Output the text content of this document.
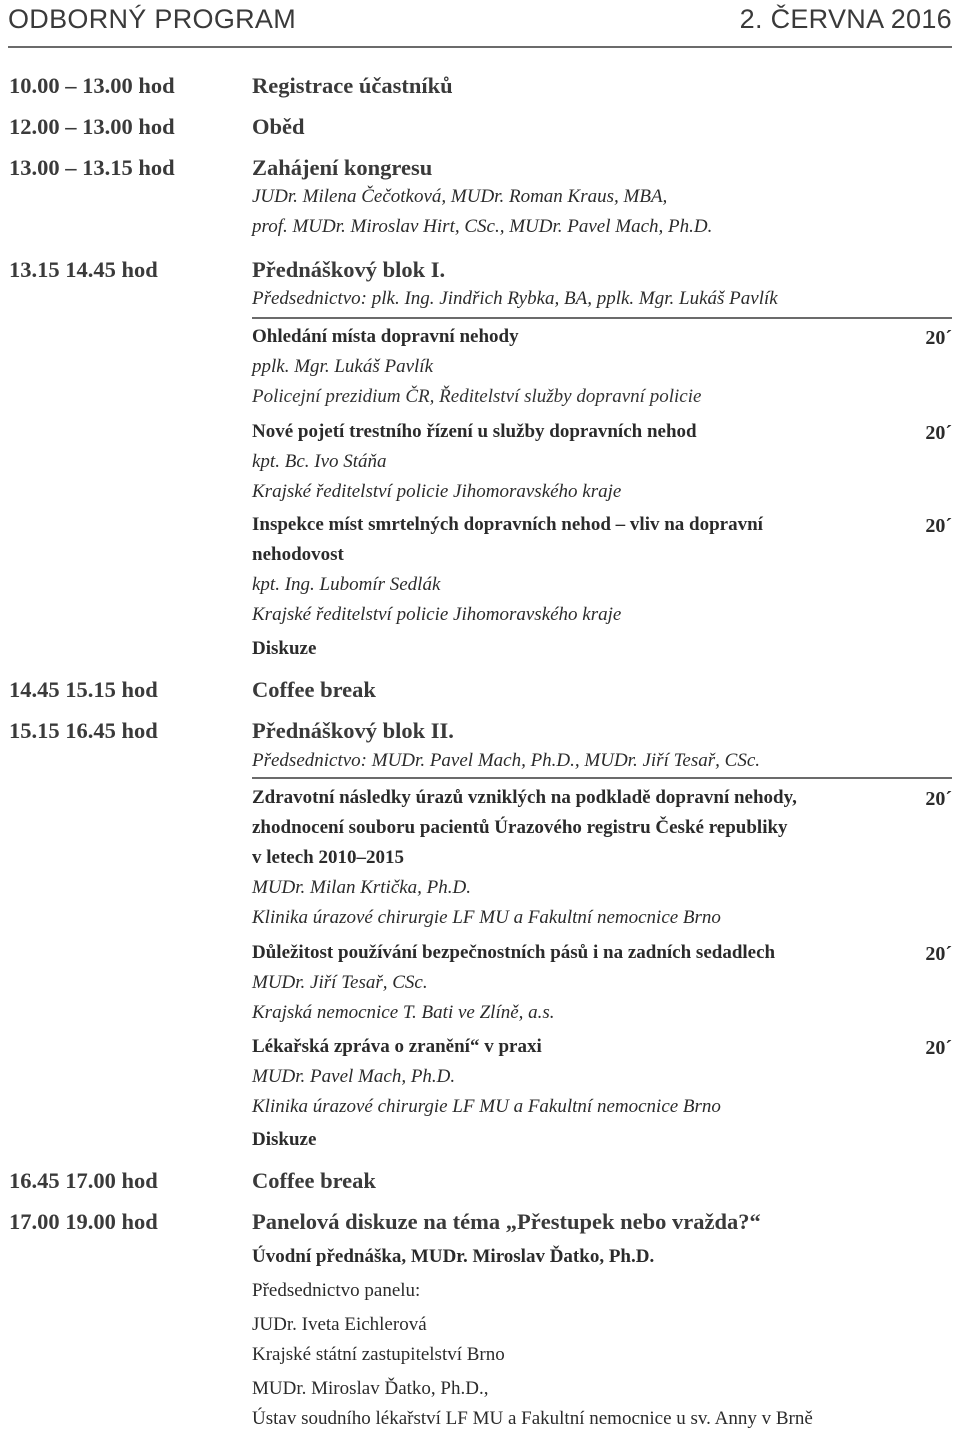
ODBORNÝ PROGRAM	2. ČERVNA 2016
10.00 – 13.00 hod	Registrace účastníků
12.00 – 13.00 hod	Oběd
13.00 – 13.15 hod	Zahájení kongresu
JUDr. Milena Čečotková, MUDr. Roman Kraus, MBA,
prof. MUDr. Miroslav Hirt, CSc., MUDr. Pavel Mach, Ph.D.
13.15 14.45 hod	Přednáškový blok I.
Předsednictvo: plk. Ing. Jindřich Rybka, BA, pplk. Mgr. Lukáš Pavlík
Ohledání místa dopravní nehody	20´
pplk. Mgr. Lukáš Pavlík
Policejní prezidium ČR, Ředitelství služby dopravní policie
Nové pojetí trestního řízení u služby dopravních nehod	20´
kpt. Bc. Ivo Stáňa
Krajské ředitelství policie Jihomoravského kraje
Inspekce míst smrtelných dopravních nehod – vliv na dopravní	20´
nehodovost
kpt. Ing. Lubomír Sedlák
Krajské ředitelství policie Jihomoravského kraje
Diskuze
14.45 15.15 hod	Coffee break
15.15 16.45 hod	Přednáškový blok II.
Předsednictvo: MUDr. Pavel Mach, Ph.D., MUDr. Jiří Tesař, CSc.
Zdravotní následky úrazů vzniklých na podkladě dopravní nehody,	20´
zhodnocení souboru pacientů Úrazového registru České republiky
v letech 2010–2015
MUDr. Milan Krtička, Ph.D.
Klinika úrazové chirurgie LF MU a Fakultní nemocnice Brno
Důležitost používání bezpečnostních pásů i na zadních sedadlech	20´
MUDr. Jiří Tesař, CSc.
Krajská nemocnice T. Bati ve Zlíně, a.s.
Lékařská zpráva o zranění“ v praxi	20´
MUDr. Pavel Mach, Ph.D.
Klinika úrazové chirurgie LF MU a Fakultní nemocnice Brno
Diskuze
16.45 17.00 hod	Coffee break
17.00 19.00 hod	Panelová diskuze na téma „Přestupek nebo vražda?“
Úvodní přednáška, MUDr. Miroslav Ďatko, Ph.D.
Předsednictvo panelu:
JUDr. Iveta Eichlerová
Krajské státní zastupitelství Brno
MUDr. Miroslav Ďatko, Ph.D.,
Ústav soudního lékařství LF MU a Fakultní nemocnice u sv. Anny v Brně
